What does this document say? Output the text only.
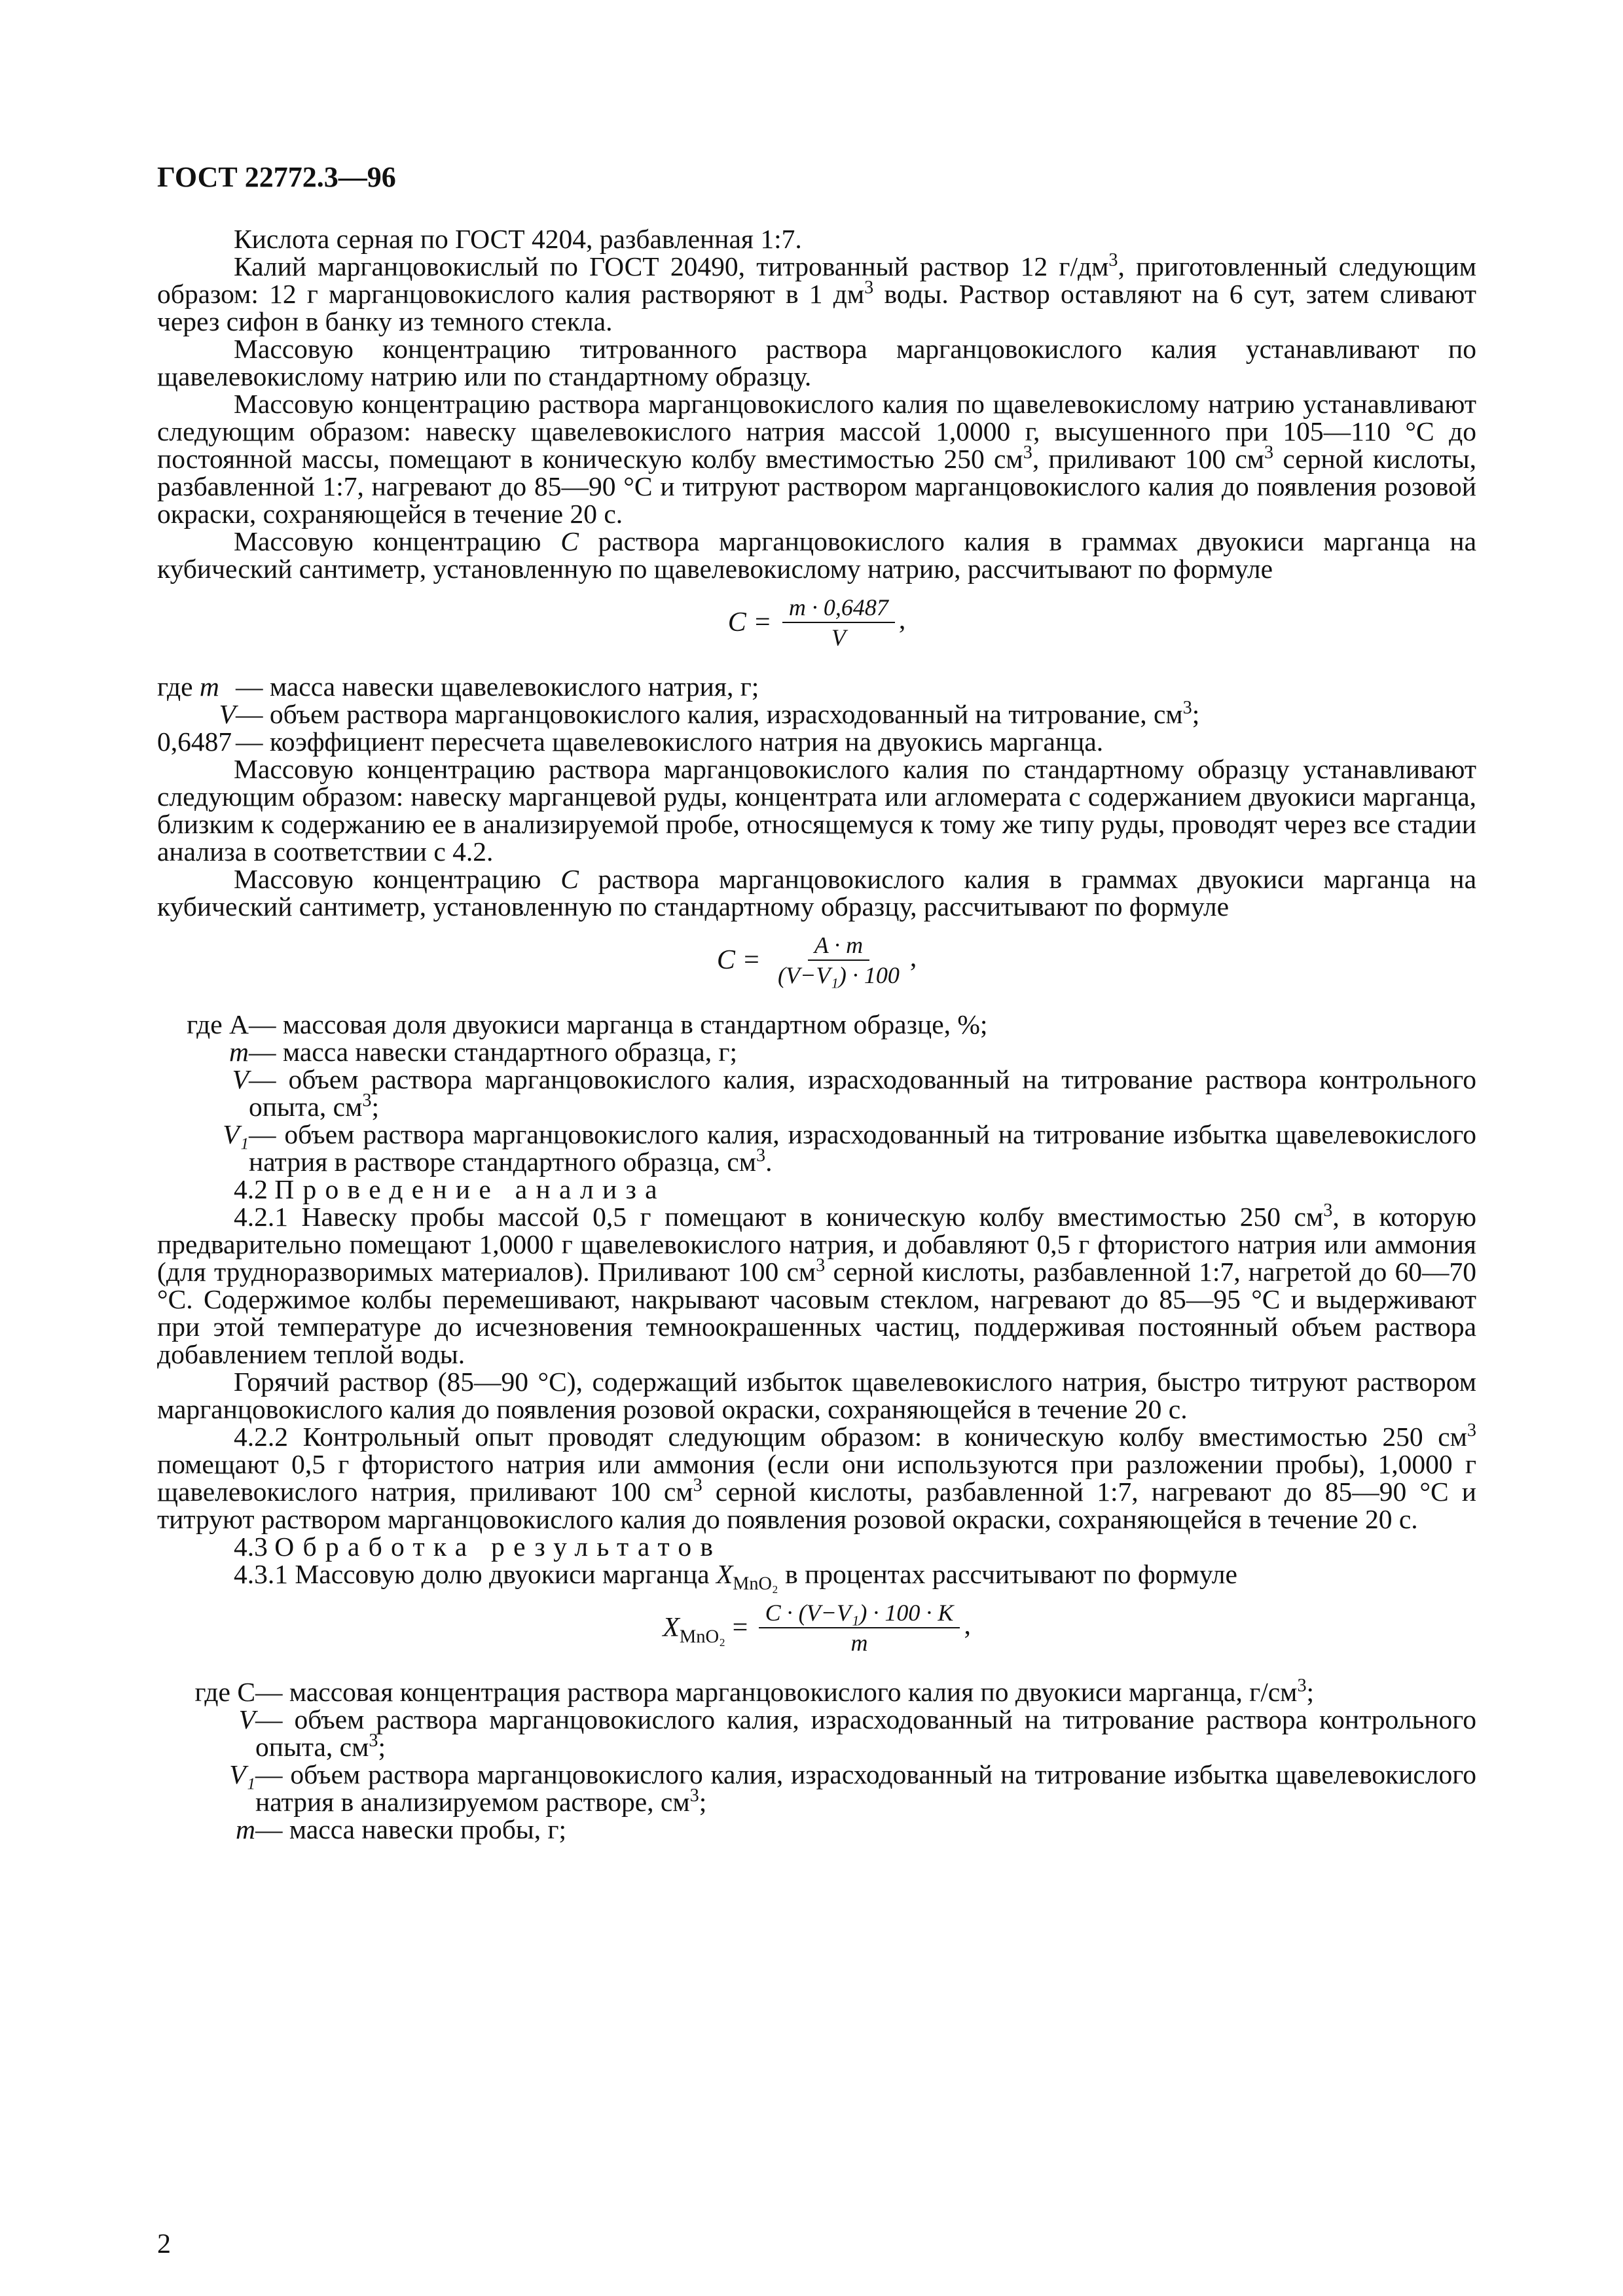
ГОСТ 22772.3—96

Кислота серная по ГОСТ 4204, разбавленная 1:7.

Калий марганцовокислый по ГОСТ 20490, титрованный раствор 12 $г/дм^3$, приготовленный следующим образом: 12 г марганцовокислого калия растворяют в 1 $дм^3$ воды. Раствор оставляют на 6 сут, затем сливают через сифон в банку из темного стекла.

Массовую концентрацию титрованного раствора марганцовокислого калия устанавливают по щавелевокислому натрию или по стандартному образцу.

Массовую концентрацию раствора марганцовокислого калия по щавелевокислому натрию устанавливают следующим образом: навеску щавелевокислого натрия массой 1,0000 г, высушенного при 105—110 °С до постоянной массы, помещают в коническую колбу вместимостью 250 $см^3$, приливают 100 $см^3$ серной кислоты, разбавленной 1:7, нагревают до 85—90 °С и титруют раствором марганцовокислого калия до появления розовой окраски, сохраняющейся в течение 20 с.

Массовую концентрацию C раствора марганцовокислого калия в граммах двуокиси марганца на кубический сантиметр, установленную по щавелевокислому натрию, рассчитывают по формуле

$C = \frac{m \cdot 0,6487}{V}$ ,
где m — масса навески щавелевокислого натрия, г;
V — объем раствора марганцовокислого калия, израсходованный на титрование, $см^3$;
0,6487 — коэффициент пересчета щавелевокислого натрия на двуокись марганца.

Массовую концентрацию раствора марганцовокислого калия по стандартному образцу устанавливают следующим образом: навеску марганцевой руды, концентрата или агломерата с содержанием двуокиси марганца, близким к содержанию ее в анализируемой пробе, относящемуся к тому же типу руды, проводят через все стадии анализа в соответствии с 4.2.

Массовую концентрацию C раствора марганцовокислого калия в граммах двуокиси марганца на кубический сантиметр, установленную по стандартному образцу, рассчитывают по формуле

$C = \frac{A \cdot m}{\text{(V−V₁) · 100}}$ ,
где A — массовая доля двуокиси марганца в стандартном образце, %;
m — масса навески стандартного образца, г;
V — объем раствора марганцовокислого калия, израсходованный на титрование раствора контрольного опыта, $см^3$;
V₁ — объем раствора марганцовокислого калия, израсходованный на титрование избытка щавелевокислого натрия в растворе стандартного образца, $см^3$.

4.2 Проведение анализа

4.2.1 Навеску пробы массой 0,5 г помещают в коническую колбу вместимостью 250 $см^3$, в которую предварительно помещают 1,0000 г щавелевокислого натрия, и добавляют 0,5 г фтористого натрия или аммония (для трудноразворимых материалов). Приливают 100 $см^3$ серной кислоты, разбавленной 1:7, нагретой до 60—70 °С. Содержимое колбы перемешивают, накрывают часовым стеклом, нагревают до 85—95 °С и выдерживают при этой температуре до исчезновения темноокрашенных частиц, поддерживая постоянный объем раствора добавлением теплой воды.

Горячий раствор (85—90 °С), содержащий избыток щавелевокислого натрия, быстро титруют раствором марганцовокислого калия до появления розовой окраски, сохраняющейся в течение 20 с.

4.2.2 Контрольный опыт проводят следующим образом: в коническую колбу вместимостью 250 $см^3$ помещают 0,5 г фтористого натрия или аммония (если они используются при разложении пробы), 1,0000 г щавелевокислого натрия, приливают 100 $см^3$ серной кислоты, разбавленной 1:7, нагревают до 85—90 °С и титруют раствором марганцовокислого калия до появления розовой окраски, сохраняющейся в течение 20 с.

4.3 Обработка результатов

4.3.1 Массовую долю двуокиси марганца $X_{MnO_2}$ в процентах рассчитывают по формуле

$X_{MnO_2} = \frac{\text{C · (V−V₁) · 100 · K}}{m}$ ,
где C — массовая концентрация раствора марганцовокислого калия по двуокиси марганца, $г/см^3$;
V — объем раствора марганцовокислого калия, израсходованный на титрование раствора контрольного опыта, $см^3$;
V₁ — объем раствора марганцовокислого калия, израсходованный на титрование избытка щавелевокислого натрия в анализируемом растворе, $см^3$;
m — масса навески пробы, г;
2
